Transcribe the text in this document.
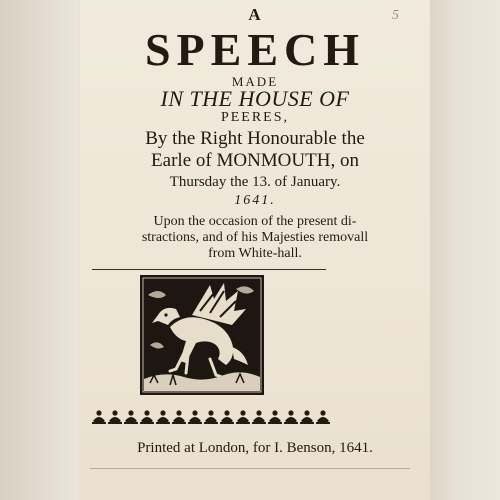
5
A
SPEECH
MADE
IN THE HOUSE OF
PEERES,
By the Right Honourable the
Earle of MONMOUTH, on
Thursday the 13. of January.
1641.
Upon the occasion of the present di-
stractions, and of his Majesties removall
from White-hall.
Printed at London, for I. Benson, 1641.
